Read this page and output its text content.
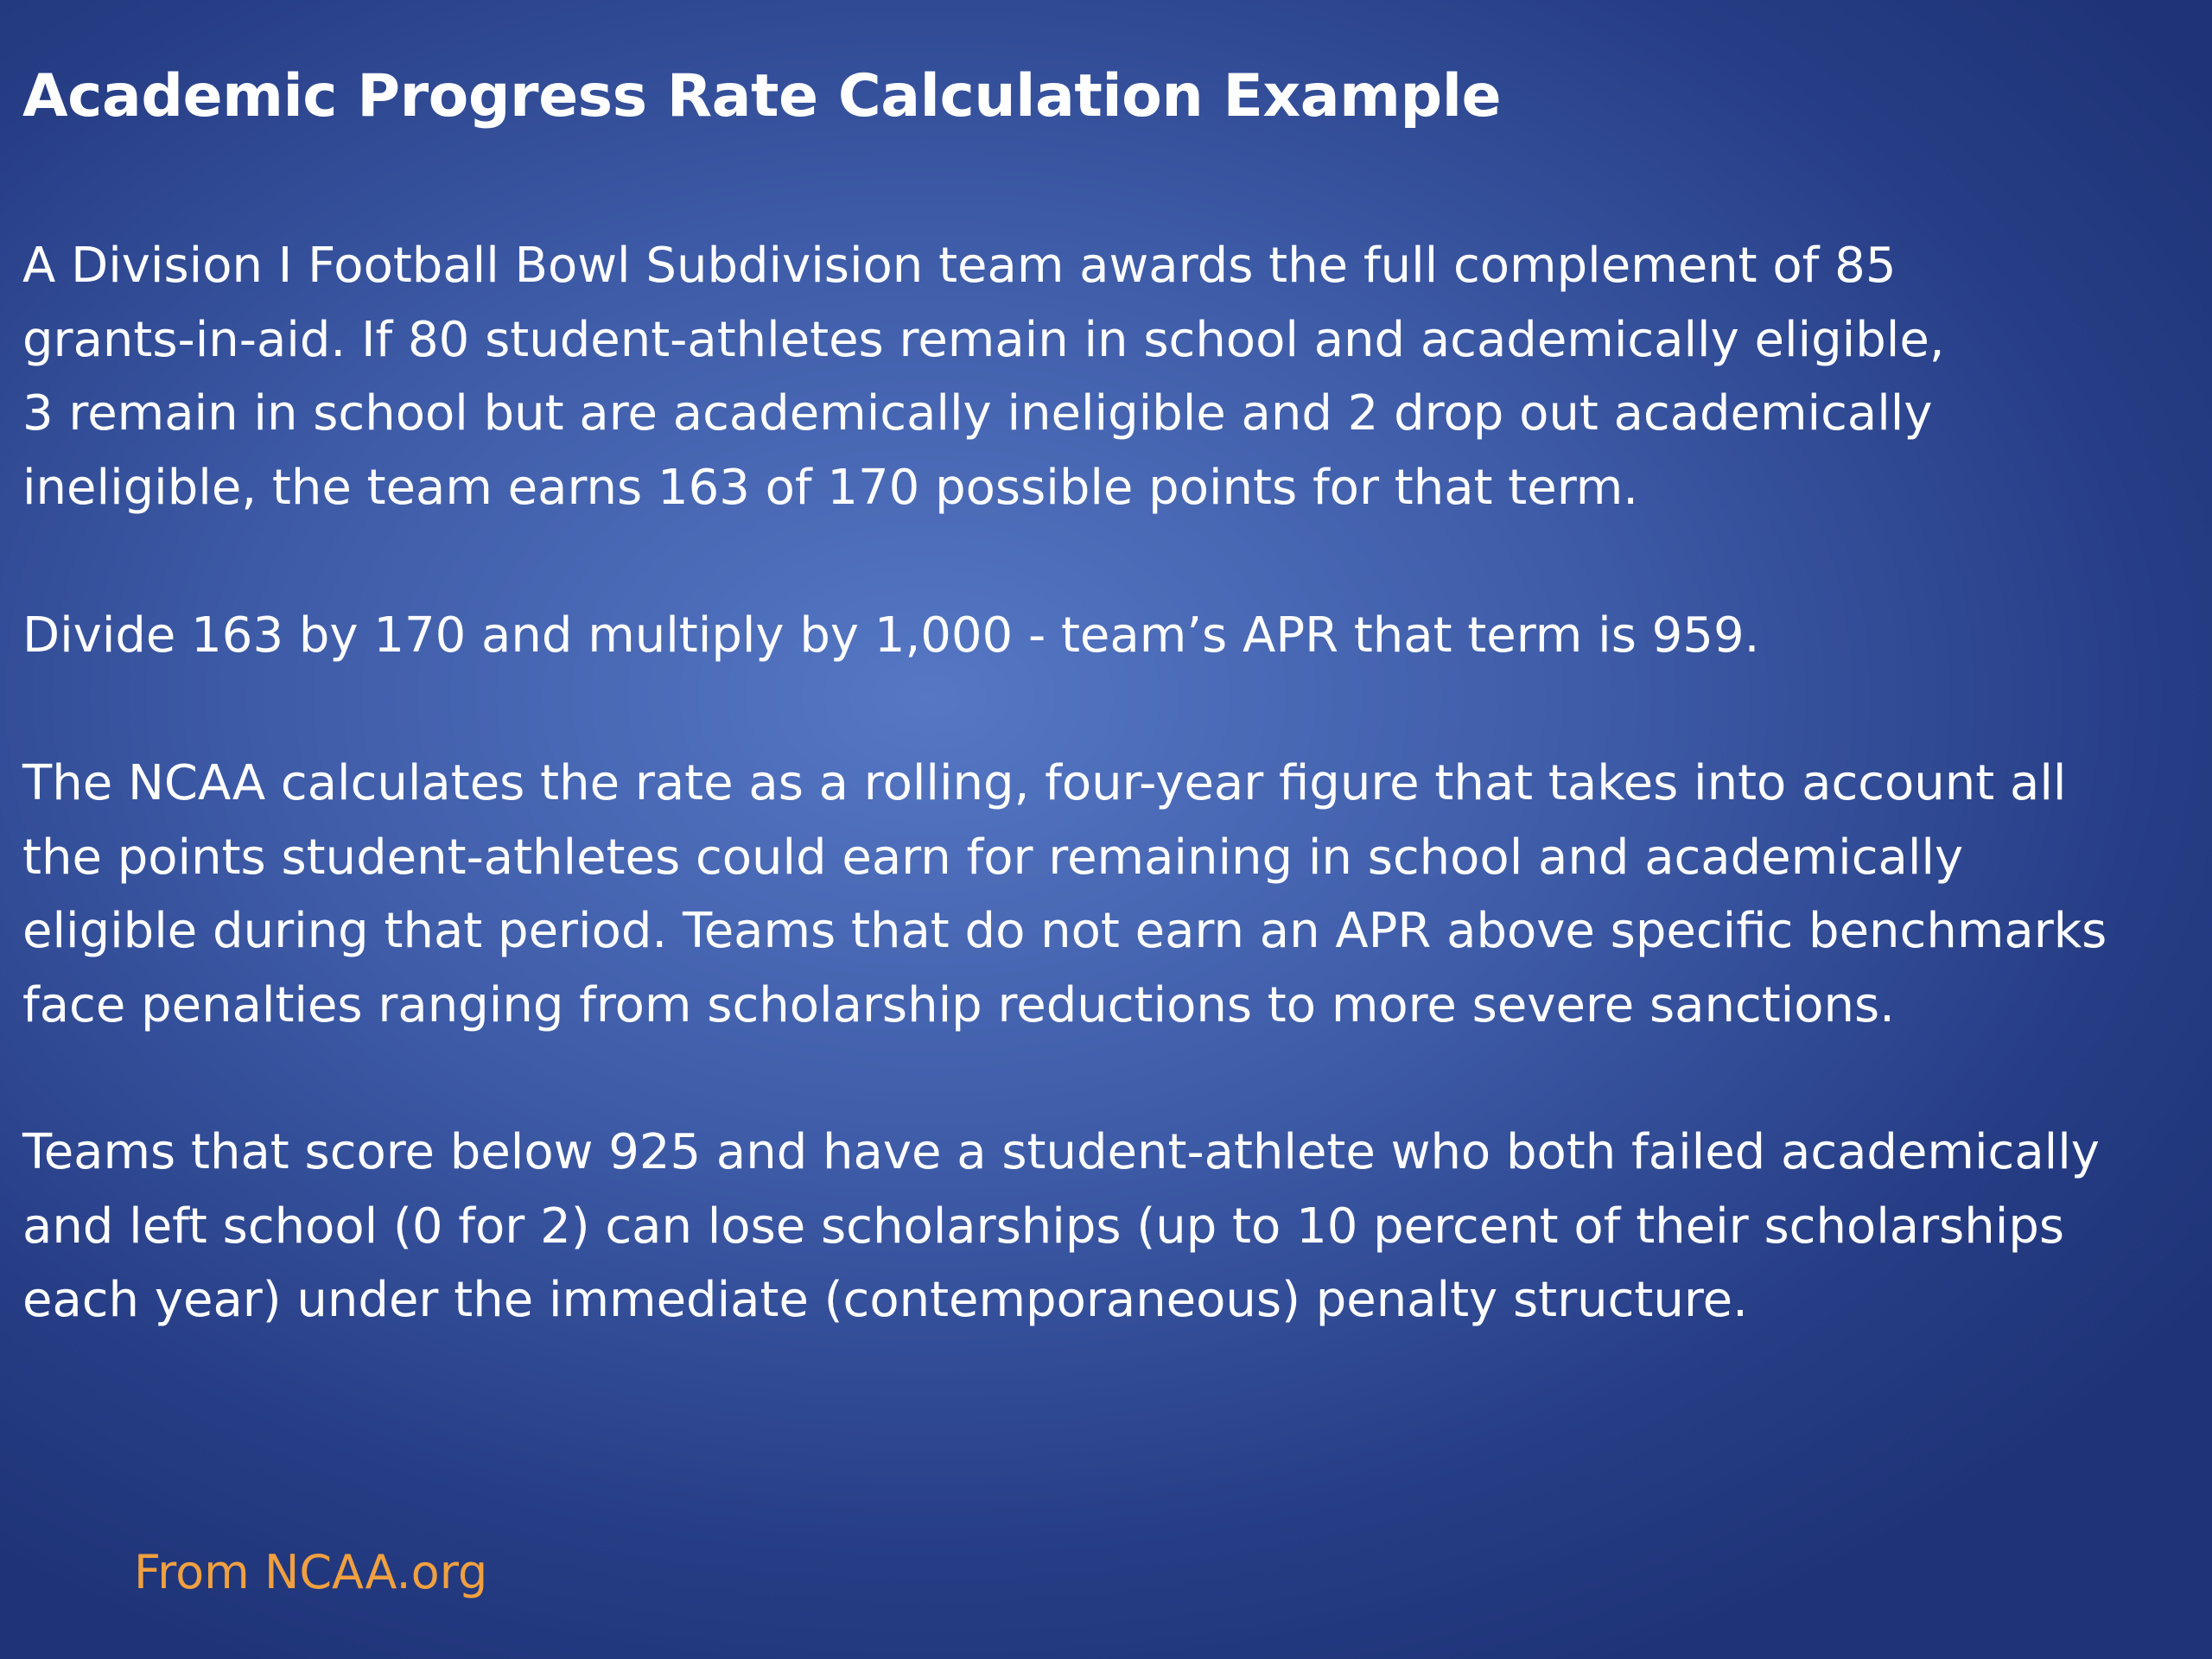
Academic Progress Rate Calculation Example

A Division I Football Bowl Subdivision team awards the full complement of 85
grants-in-aid. If 80 student-athletes remain in school and academically eligible,
3 remain in school but are academically ineligible and 2 drop out academically
ineligible, the team earns 163 of 170 possible points for that term.

Divide 163 by 170 and multiply by 1,000 - team’s APR that term is 959.

The NCAA calculates the rate as a rolling, four-year figure that takes into account all
the points student-athletes could earn for remaining in school and academically
eligible during that period. Teams that do not earn an APR above specific benchmarks
face penalties ranging from scholarship reductions to more severe sanctions.

Teams that score below 925 and have a student-athlete who both failed academically
and left school (0 for 2) can lose scholarships (up to 10 percent of their scholarships
each year) under the immediate (contemporaneous) penalty structure.

From NCAA.org
